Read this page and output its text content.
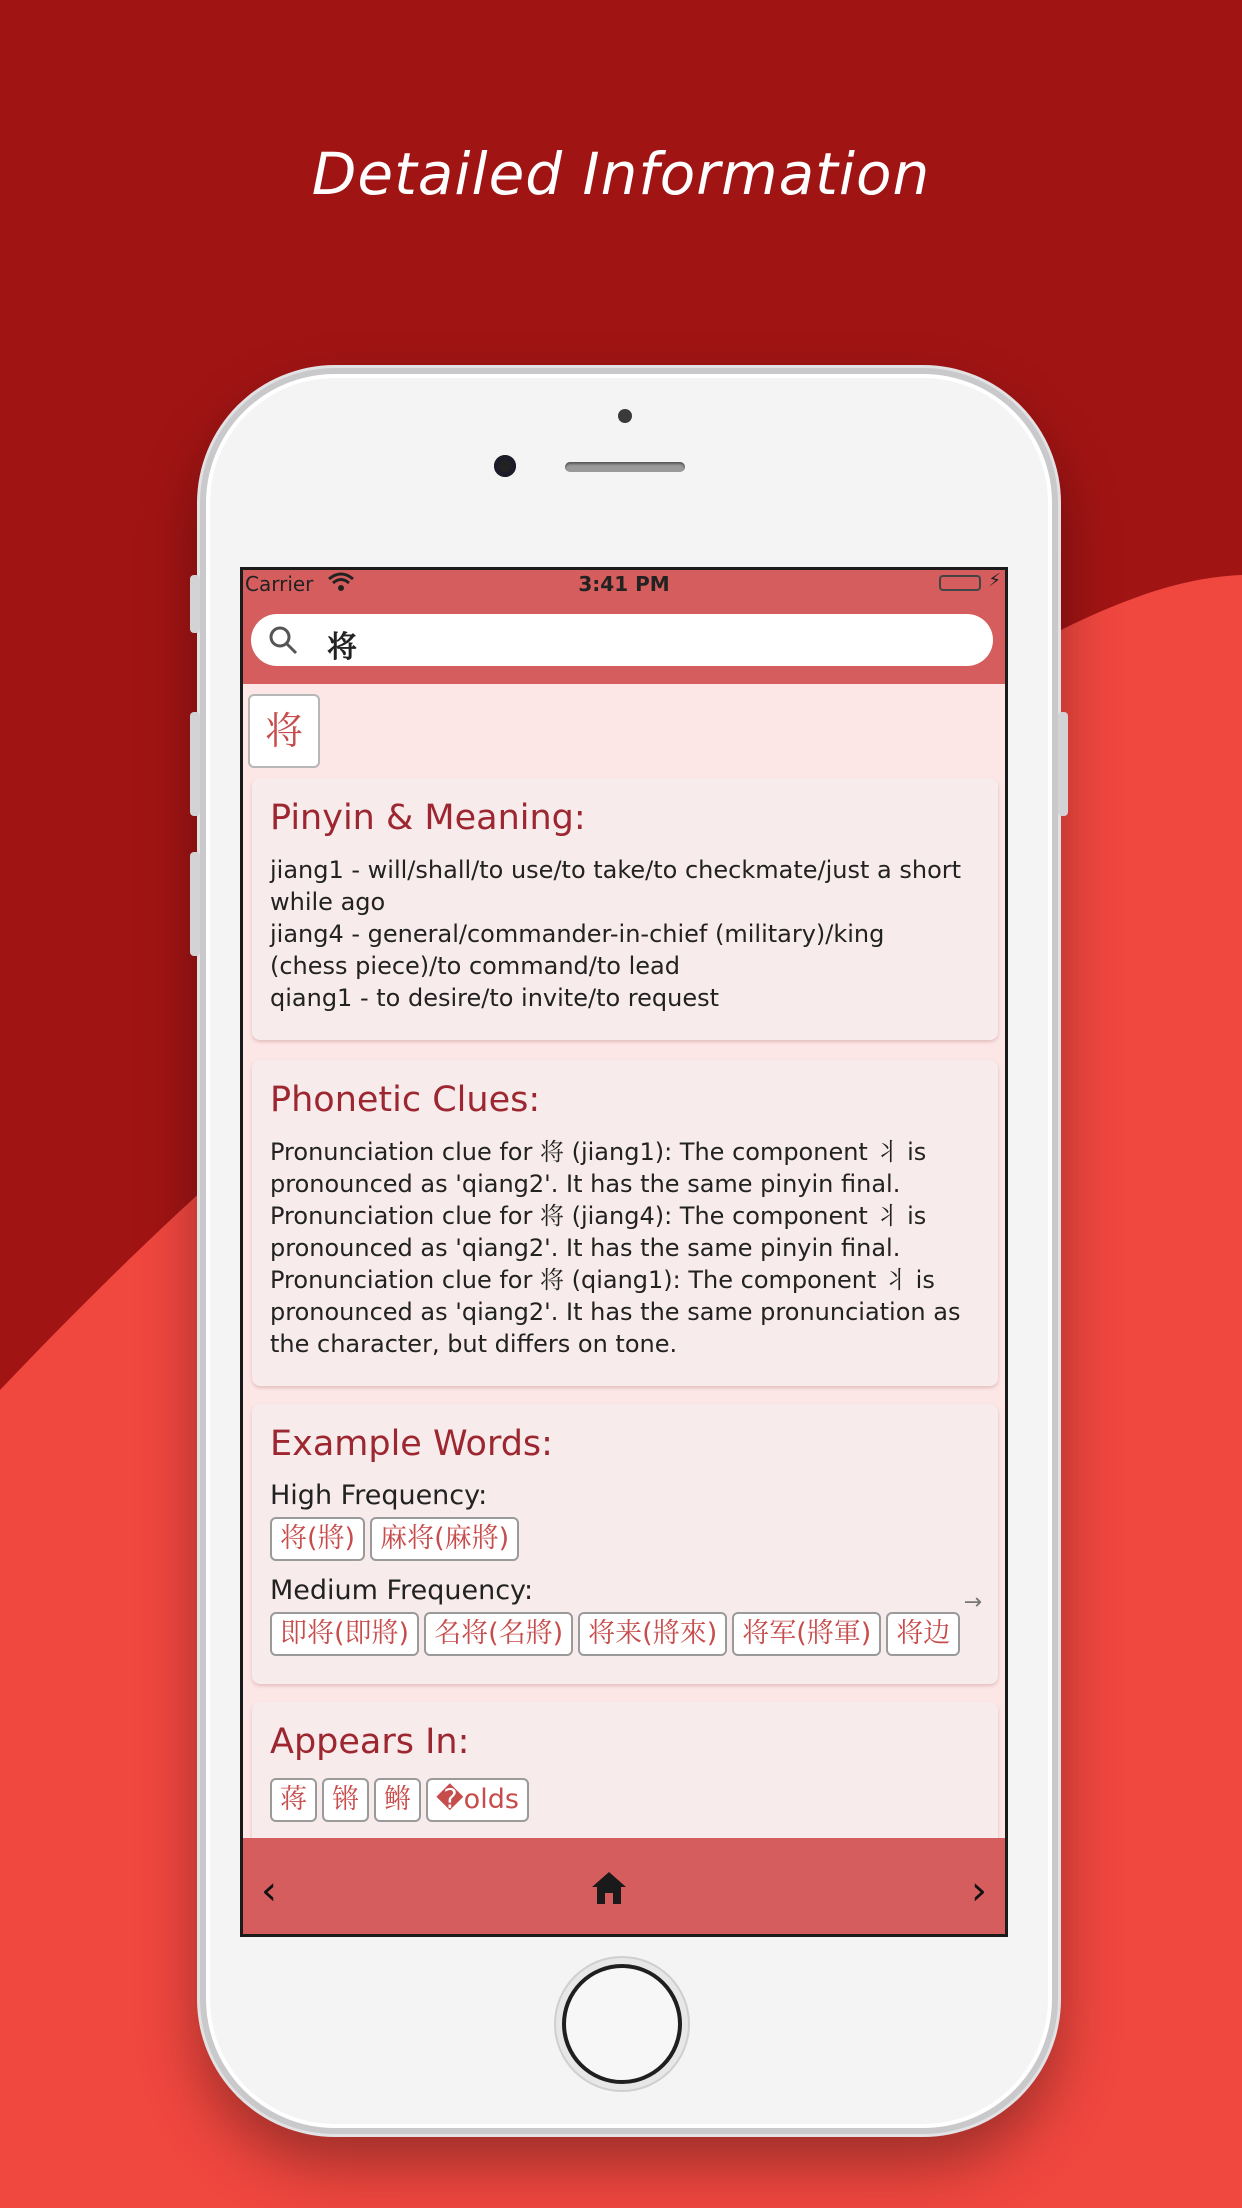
Detailed Information
Carrier	3:41 PM	⚡
将
将
Pinyin & Meaning:
jiang1 - will/shall/to use/to take/to checkmate/just a short
while ago
jiang4 - general/commander-in-chief (military)/king
(chess piece)/to command/to lead
qiang1 - to desire/to invite/to request
Phonetic Clues:
Pronunciation clue for 将 (jiang1): The component 丬 is
pronounced as 'qiang2'. It has the same pinyin final.
Pronunciation clue for 将 (jiang4): The component 丬 is
pronounced as 'qiang2'. It has the same pinyin final.
Pronunciation clue for 将 (qiang1): The component 丬 is
pronounced as 'qiang2'. It has the same pronunciation as
the character, but differs on tone.
Example Words:
High Frequency:
将(將) 麻将(麻將)
Medium Frequency:	→
即将(即將) 名将(名將) 将来(將來) 将军(將軍) 将边
Appears In:
蒋 锵 鳉 �olds
‹	›
